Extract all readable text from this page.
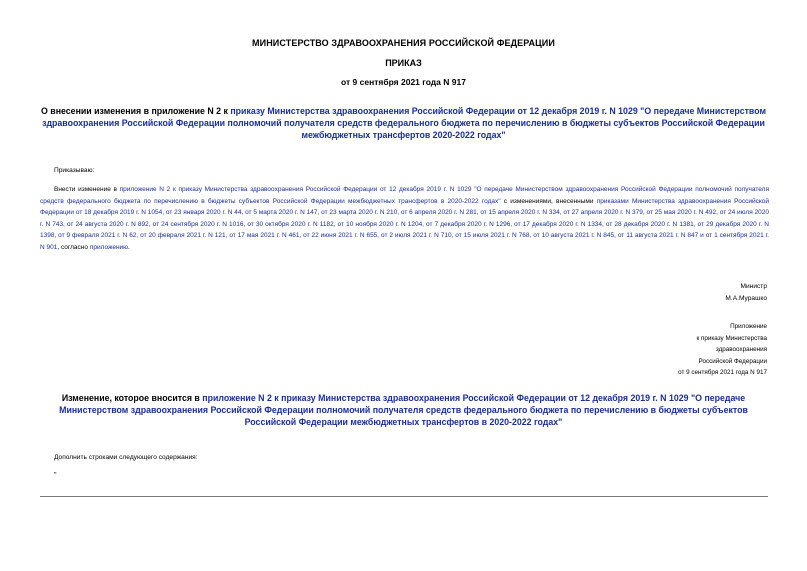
МИНИСТЕРСТВО ЗДРАВООХРАНЕНИЯ РОССИЙСКОЙ ФЕДЕРАЦИИ
ПРИКАЗ
от 9 сентября 2021 года N 917
О внесении изменения в приложение N 2 к приказу Министерства здравоохранения Российской Федерации от 12 декабря 2019 г. N 1029 "О передаче Министерством здравоохранения Российской Федерации полномочий получателя средств федерального бюджета по перечислению в бюджеты субъектов Российской Федерации межбюджетных трансфертов 2020-2022 годах"
Приказываю:
Внести изменение в приложение N 2 к приказу Министерства здравоохранения Российской Федерации от 12 декабря 2019 г. N 1029 "О передаче Министерством здравоохранения Российской Федерации полномочий получателя средств федерального бюджета по перечислению в бюджеты субъектов Российской Федерации межбюджетных трансфертов в 2020-2022 годах" с изменениями, внесенными приказами Министерства здравоохранения Российской Федерации от 18 декабря 2019 г. N 1054, от 23 января 2020 г. N 44, от 5 марта 2020 г. N 147, от 23 марта 2020 г. N 210, от 6 апреля 2020 г. N 281, от 15 апреля 2020 г. N 334, от 27 апреля 2020 г. N 379, от 25 мая 2020 г. N 492, от 24 июля 2020 г. N 743, от 24 августа 2020 г. N 892, от 24 сентября 2020 г. N 1016, от 30 октября 2020 г. N 1182, от 10 ноября 2020 г. N 1204, от 7 декабря 2020 г. N 1296, от 17 декабря 2020 г. N 1334, от 28 декабря 2020 г. N 1381, от 29 декабря 2020 г. N 1398, от 9 февраля 2021 г. N 62, от 20 февраля 2021 г. N 121, от 17 мая 2021 г. N 461, от 22 июня 2021 г. N 655, от 2 июля 2021 г. N 710, от 15 июля 2021 г. N 768, от 10 августа 2021 г. N 845, от 11 августа 2021 г. N 847 и от 1 сентября 2021 г. N 901, согласно приложению.
Министр
М.А.Мурашко
Приложение
к приказу Министерства
здравоохранения
Российской Федерации
от 9 сентября 2021 года N 917
Изменение, которое вносится в приложение N 2 к приказу Министерства здравоохранения Российской Федерации от 12 декабря 2019 г. N 1029 "О передаче Министерством здравоохранения Российской Федерации полномочий получателя средств федерального бюджета по перечислению в бюджеты субъектов Российской Федерации межбюджетных трансфертов в 2020-2022 годах"
Дополнить строками следующего содержания:
"
